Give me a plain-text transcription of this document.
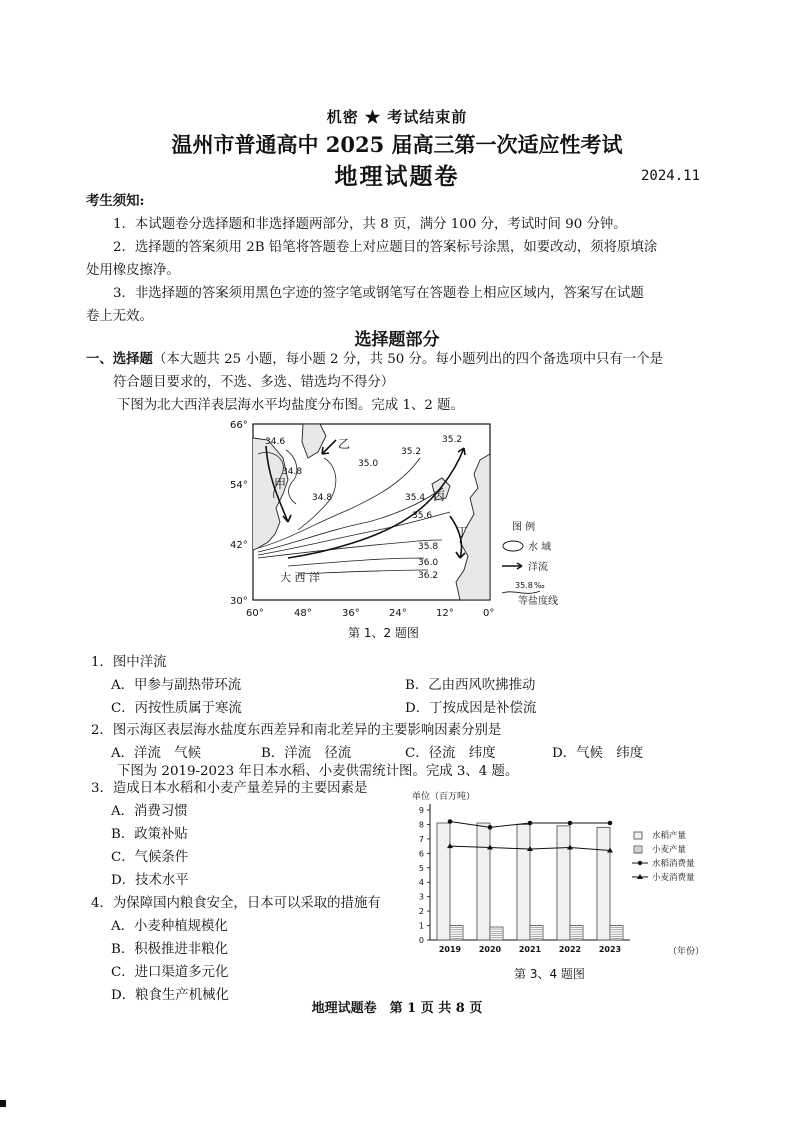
机密 ★ 考试结束前
温州市普通高中 2025 届高三第一次适应性考试
地理试题卷	2024.11
考生须知:
1．本试题卷分选择题和非选择题两部分，共 8 页，满分 100 分，考试时间 90 分钟。
2．选择题的答案须用 2B 铅笔将答题卷上对应题目的答案标号涂黑，如要改动，须将原填涂
处用橡皮擦净。
3．非选择题的答案须用黑色字迹的签字笔或钢笔写在答题卷上相应区域内，答案写在试题
卷上无效。
选择题部分
一、选择题（本大题共 25 小题，每小题 2 分，共 50 分。每小题列出的四个备选项中只有一个是
符合题目要求的，不选、多选、错选均不得分）
下图为北大西洋表层海水平均盐度分布图。完成 1、2 题。
34.6
34.8
35.0
35.2
35.2
34.8	35.4
35.6
35.8
36.0
36.2
甲
乙
丙
丁
大 西 洋
66°
54°
42°
30°
60°	48°	36°	24°	12°	0°
图 例
水 域
洋流
35.8 ‰
等盐度线
第 1、2 题图
1．图中洋流
A．甲参与副热带环流	B．乙由西风吹拂推动
C．丙按性质属于寒流	D．丁按成因是补偿流
2．图示海区表层海水盐度东西差异和南北差异的主要影响因素分别是
A．洋流　气候	B．洋流　径流	C．径流　纬度	D．气候　纬度
下图为 2019-2023 年日本水稻、小麦供需统计图。完成 3、4 题。
3．造成日本水稻和小麦产量差异的主要因素是
A．消费习惯
B．政策补贴
C．气候条件
D．技术水平
4．为保障国内粮食安全，日本可以采取的措施有
A．小麦种植规模化
B．积极推进非粮化
C．进口渠道多元化
D．粮食生产机械化
单位（百万吨）
0
1
2
3
4
5
6
7
8
9
2019 2020 2021 2022 2023
水稻产量
小麦产量
水稻消费量
小麦消费量
（年份）
第 3、4 题图
地理试题卷　第 1 页 共 8 页
